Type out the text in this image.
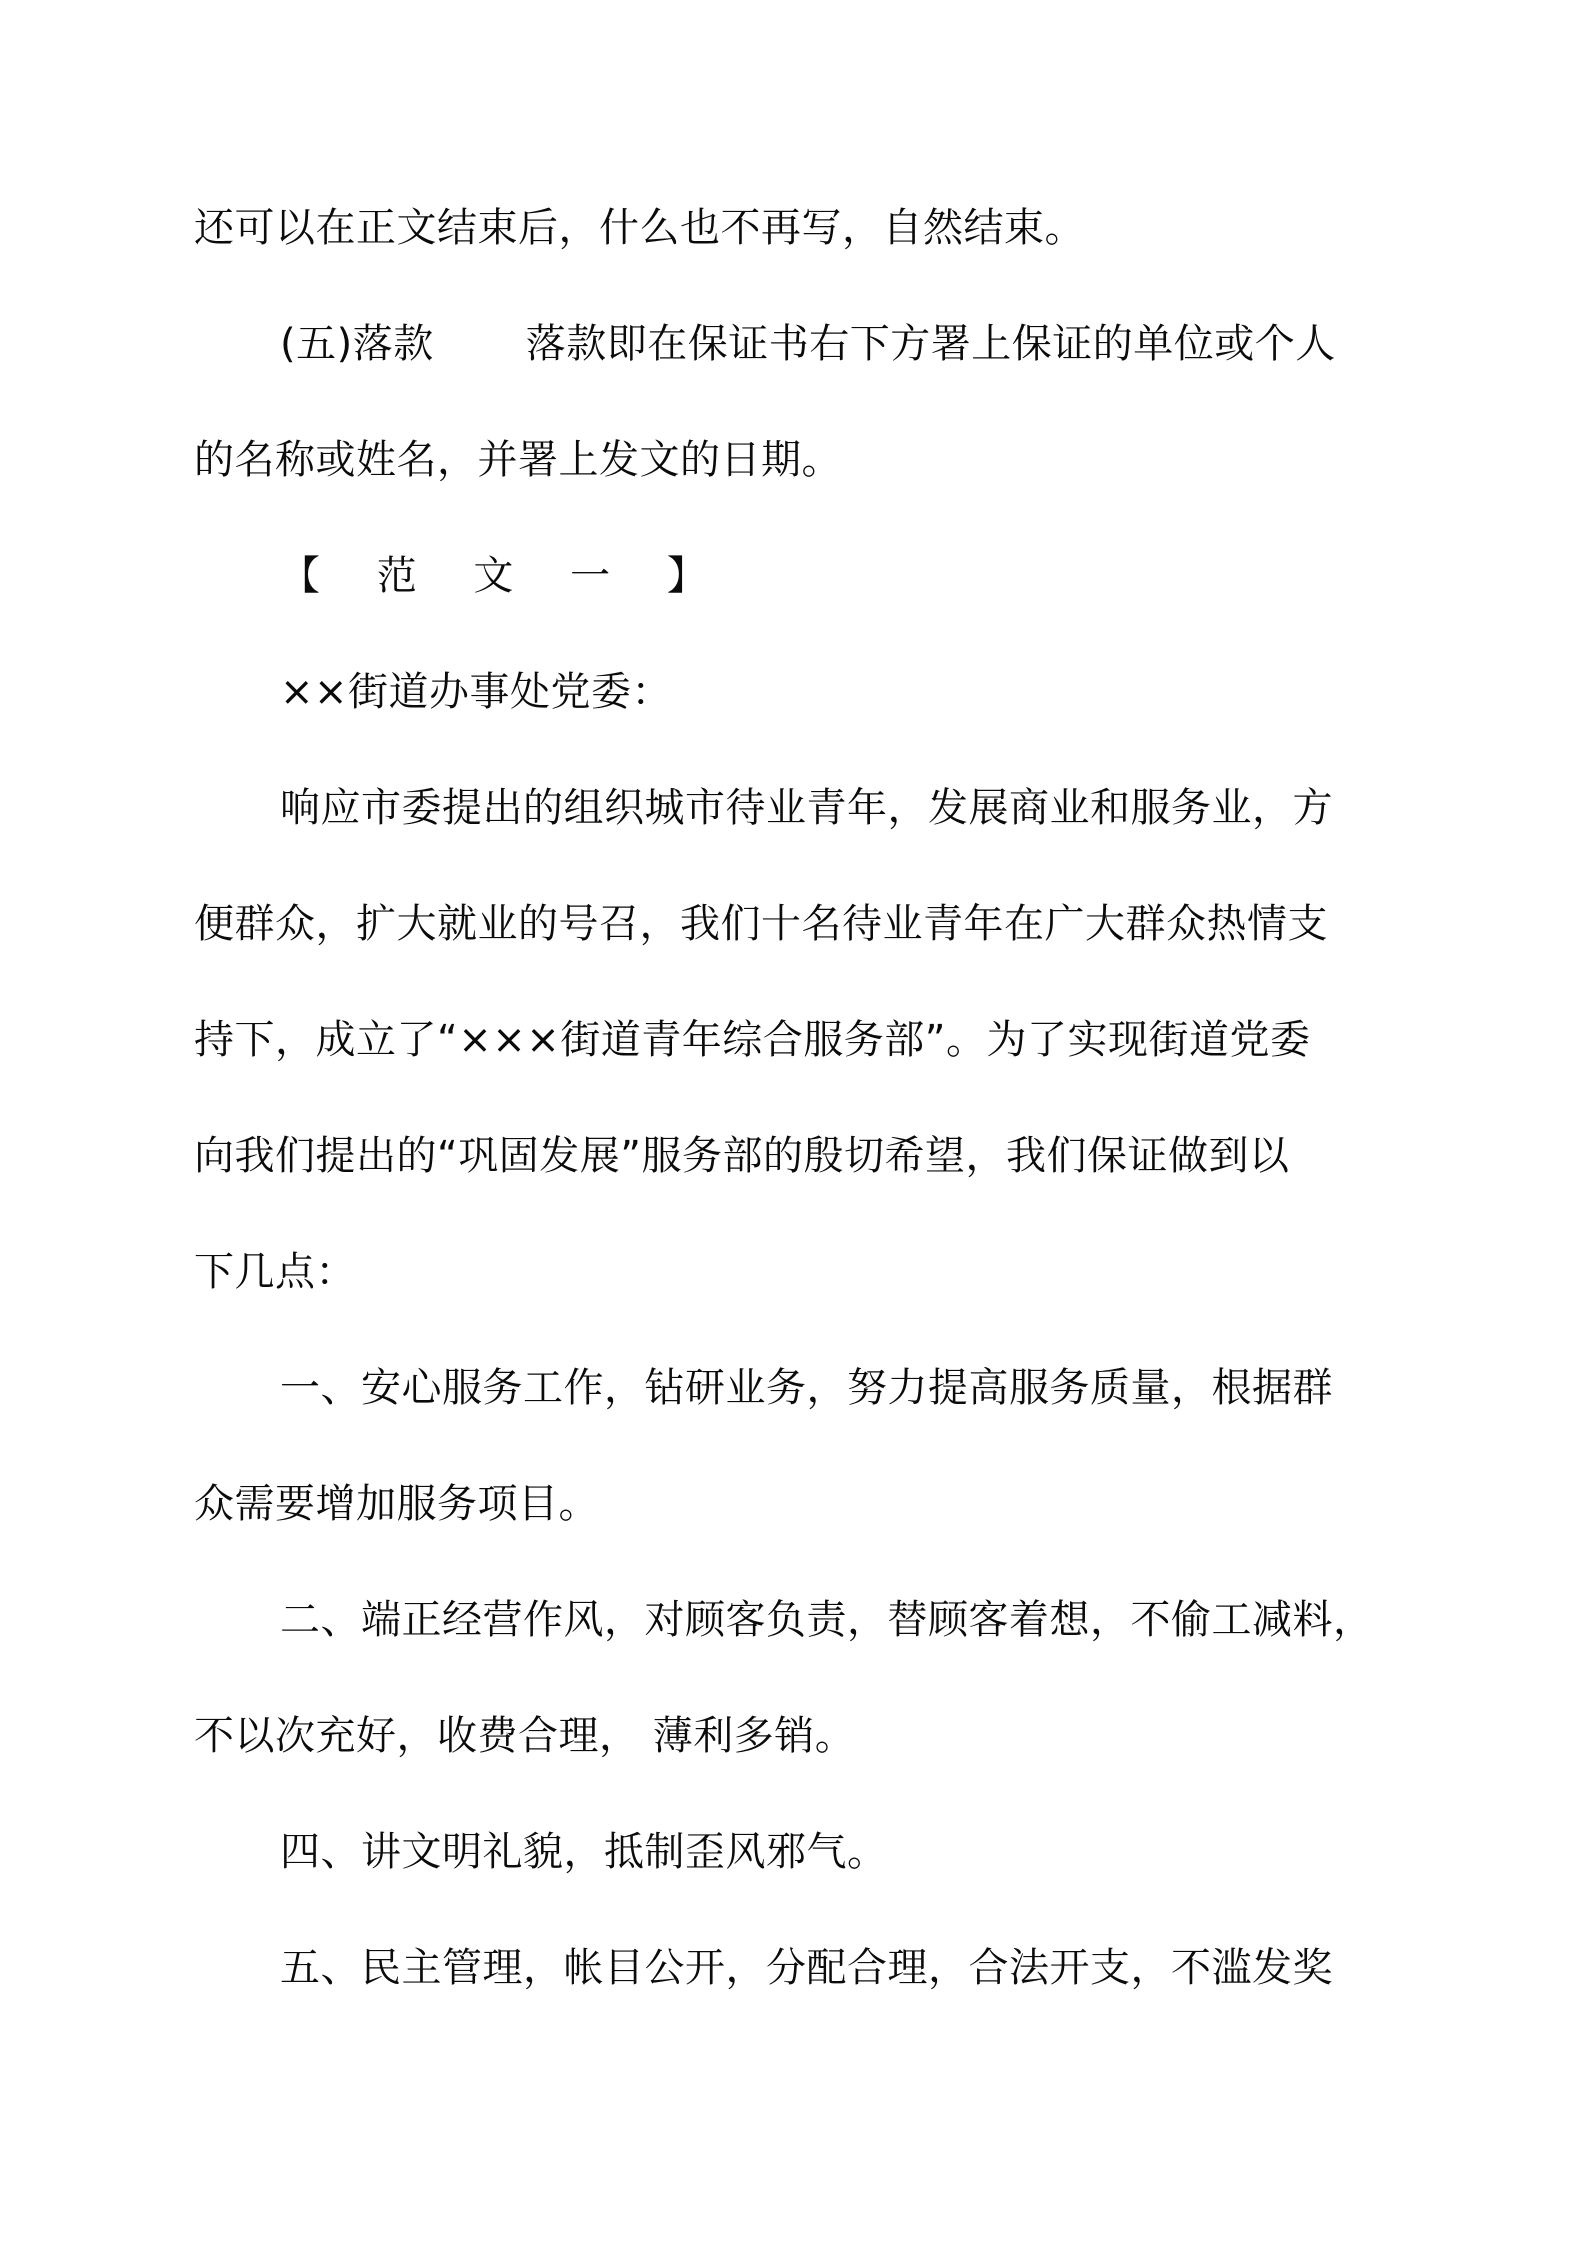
还可以在正文结束后，什么也不再写，自然结束。
(五)落款 落款即在保证书右下方署上保证的单位或个人
的名称或姓名，并署上发文的日期。
【 范 文 一 】
××街道办事处党委：
响应市委提出的组织城市待业青年，发展商业和服务业，方
便群众，扩大就业的号召，我们十名待业青年在广大群众热情支
持下，成立了“×××街道青年综合服务部”。为了实现街道党委
向我们提出的“巩固发展”服务部的殷切希望，我们保证做到以
下几点：
一、安心服务工作，钻研业务，努力提高服务质量，根据群
众需要增加服务项目。
二、端正经营作风，对顾客负责，替顾客着想，不偷工减料，
不以次充好，收费合理， 薄利多销。
四、讲文明礼貌，抵制歪风邪气。
五、民主管理，帐目公开，分配合理，合法开支，不滥发奖
